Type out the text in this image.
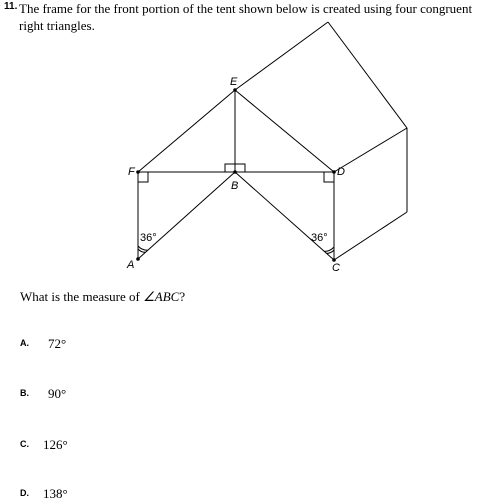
11. The frame for the front portion of the tent shown below is created using four congruent right triangles.
E
F
B
D
A	C
36°	36°
What is the measure of ∠ABC?
A. 72°
B. 90°
C. 126°
D. 138°
